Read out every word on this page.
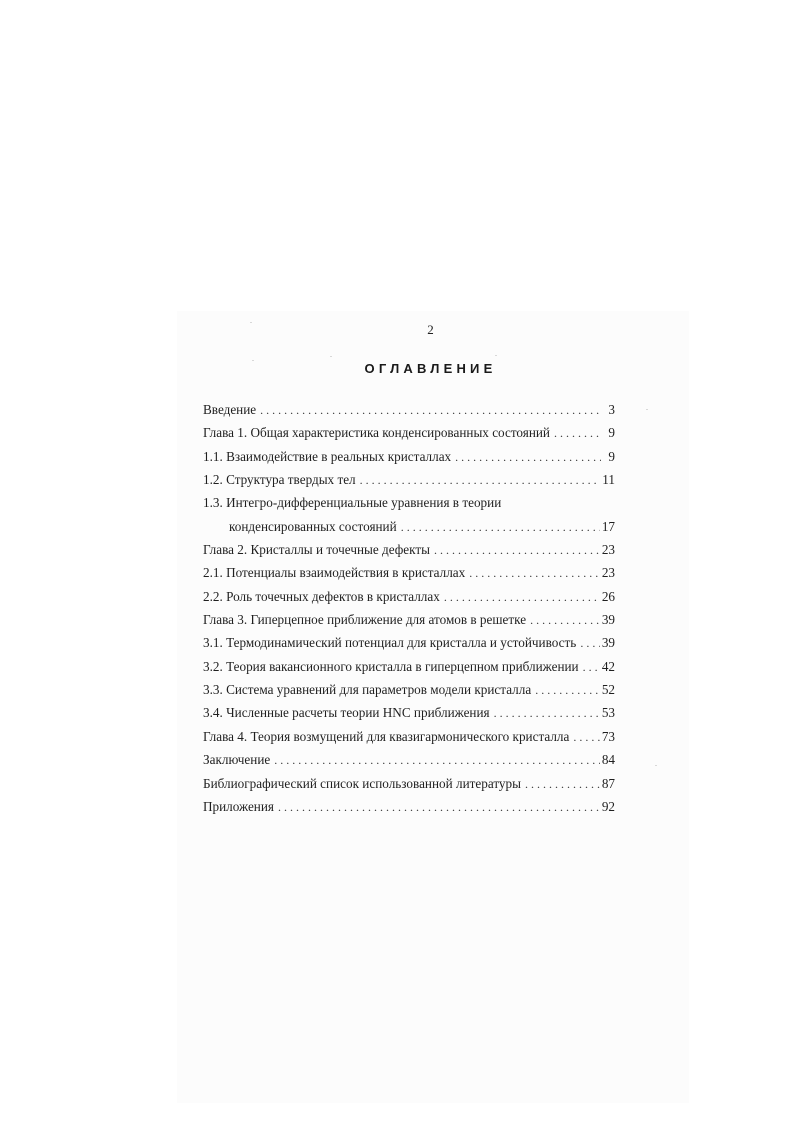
2
ОГЛАВЛЕНИЕ
Введение . . .	3
Глава 1. Общая характеристика конденсированных состояний . . .	9
1.1. Взаимодействие в реальных кристаллах . . .	9
1.2. Структура твердых тел . . .	11
1.3. Интегро-дифференциальные уравнения в теории
конденсированных состояний . . .	17
Глава 2. Кристаллы и точечные дефекты . . .	23
2.1. Потенциалы взаимодействия в кристаллах . . .	23
2.2. Роль точечных дефектов в кристаллах . . .	26
Глава 3. Гиперцепное приближение для атомов в решетке . . .	39
3.1. Термодинамический потенциал для кристалла и устойчивость . . . 39
3.2. Теория вакансионного кристалла в гиперцепном приближении . . . 42
3.3. Система уравнений для параметров модели кристалла . . .	52
3.4. Численные расчеты теории HNC приближения . . .	53
Глава 4. Теория возмущений для квазигармонического кристалла . . . 73
Заключение . . .	84
Библиографический список использованной литературы . . .	87
Приложения . . .	92
